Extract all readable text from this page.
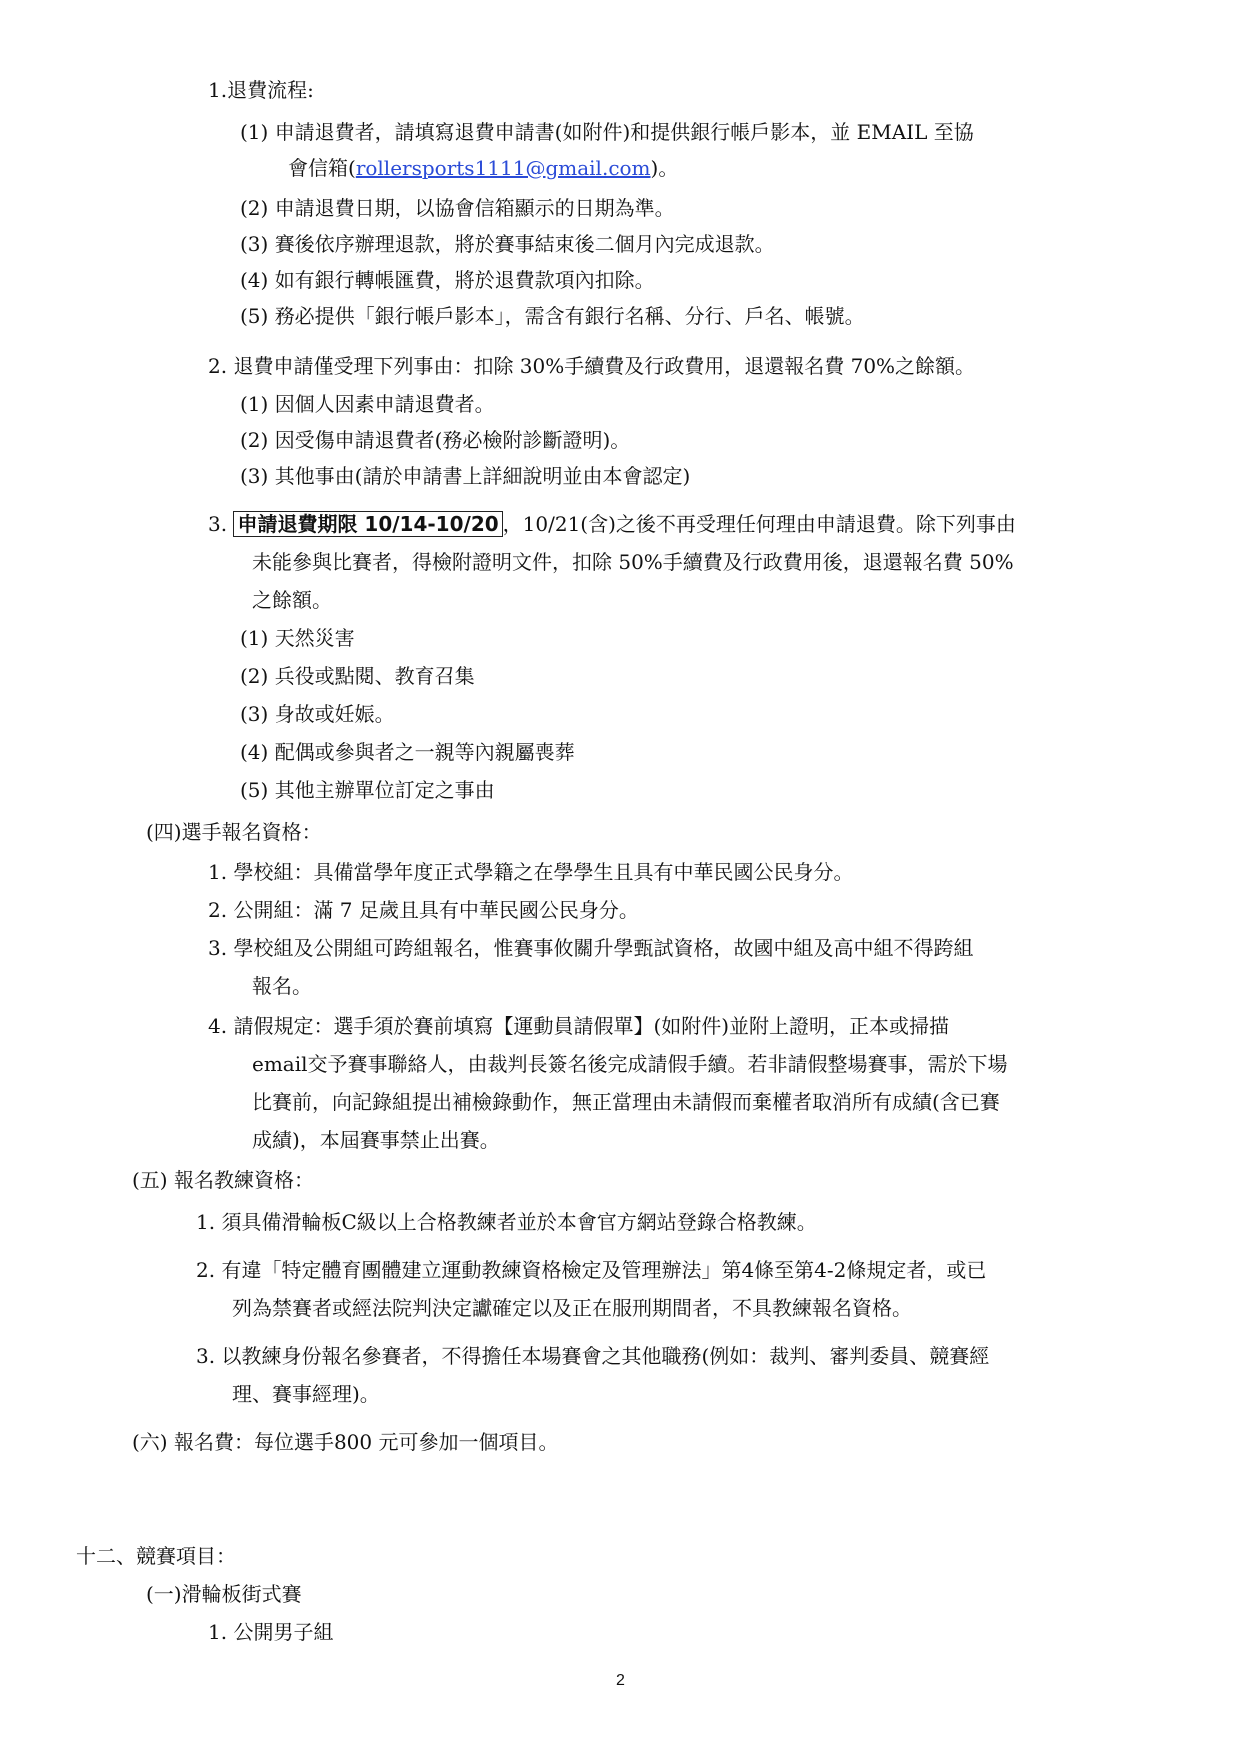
1.退費流程:
(1) 申請退費者，請填寫退費申請書(如附件)和提供銀行帳戶影本，並 EMAIL 至協
會信箱(rollersports1111@gmail.com)。
(2) 申請退費日期，以協會信箱顯示的日期為準。
(3) 賽後依序辦理退款，將於賽事結束後二個月內完成退款。
(4) 如有銀行轉帳匯費，將於退費款項內扣除。
(5) 務必提供「銀行帳戶影本」，需含有銀行名稱、分行、戶名、帳號。
2. 退費申請僅受理下列事由：扣除 30%手續費及行政費用，退還報名費 70%之餘額。
(1) 因個人因素申請退費者。
(2) 因受傷申請退費者(務必檢附診斷證明)。
(3) 其他事由(請於申請書上詳細說明並由本會認定)
3. 申請退費期限 10/14-10/20 ，10/21(含)之後不再受理任何理由申請退費。除下列事由
未能參與比賽者，得檢附證明文件，扣除 50%手續費及行政費用後，退還報名費 50%
之餘額。
(1) 天然災害
(2) 兵役或點閱、教育召集
(3) 身故或妊娠。
(4) 配偶或參與者之一親等內親屬喪葬
(5) 其他主辦單位訂定之事由
(四)選手報名資格：
1. 學校組：具備當學年度正式學籍之在學學生且具有中華民國公民身分。
2. 公開組：滿 7 足歲且具有中華民國公民身分。
3. 學校組及公開組可跨組報名，惟賽事攸關升學甄試資格，故國中組及高中組不得跨組
報名。
4. 請假規定：選手須於賽前填寫【運動員請假單】(如附件)並附上證明，正本或掃描
email交予賽事聯絡人，由裁判長簽名後完成請假手續。若非請假整場賽事，需於下場
比賽前，向記錄組提出補檢錄動作，無正當理由未請假而棄權者取消所有成績(含已賽
成績)，本屆賽事禁止出賽。
(五) 報名教練資格：
1. 須具備滑輪板C級以上合格教練者並於本會官方網站登錄合格教練。
2. 有違「特定體育團體建立運動教練資格檢定及管理辦法」第4條至第4-2條規定者，或已
列為禁賽者或經法院判決定讞確定以及正在服刑期間者，不具教練報名資格。
3. 以教練身份報名參賽者，不得擔任本場賽會之其他職務(例如：裁判、審判委員、競賽經
理、賽事經理)。
(六) 報名費：每位選手800 元可參加一個項目。
十二、競賽項目：
(一)滑輪板街式賽
1. 公開男子組
2
